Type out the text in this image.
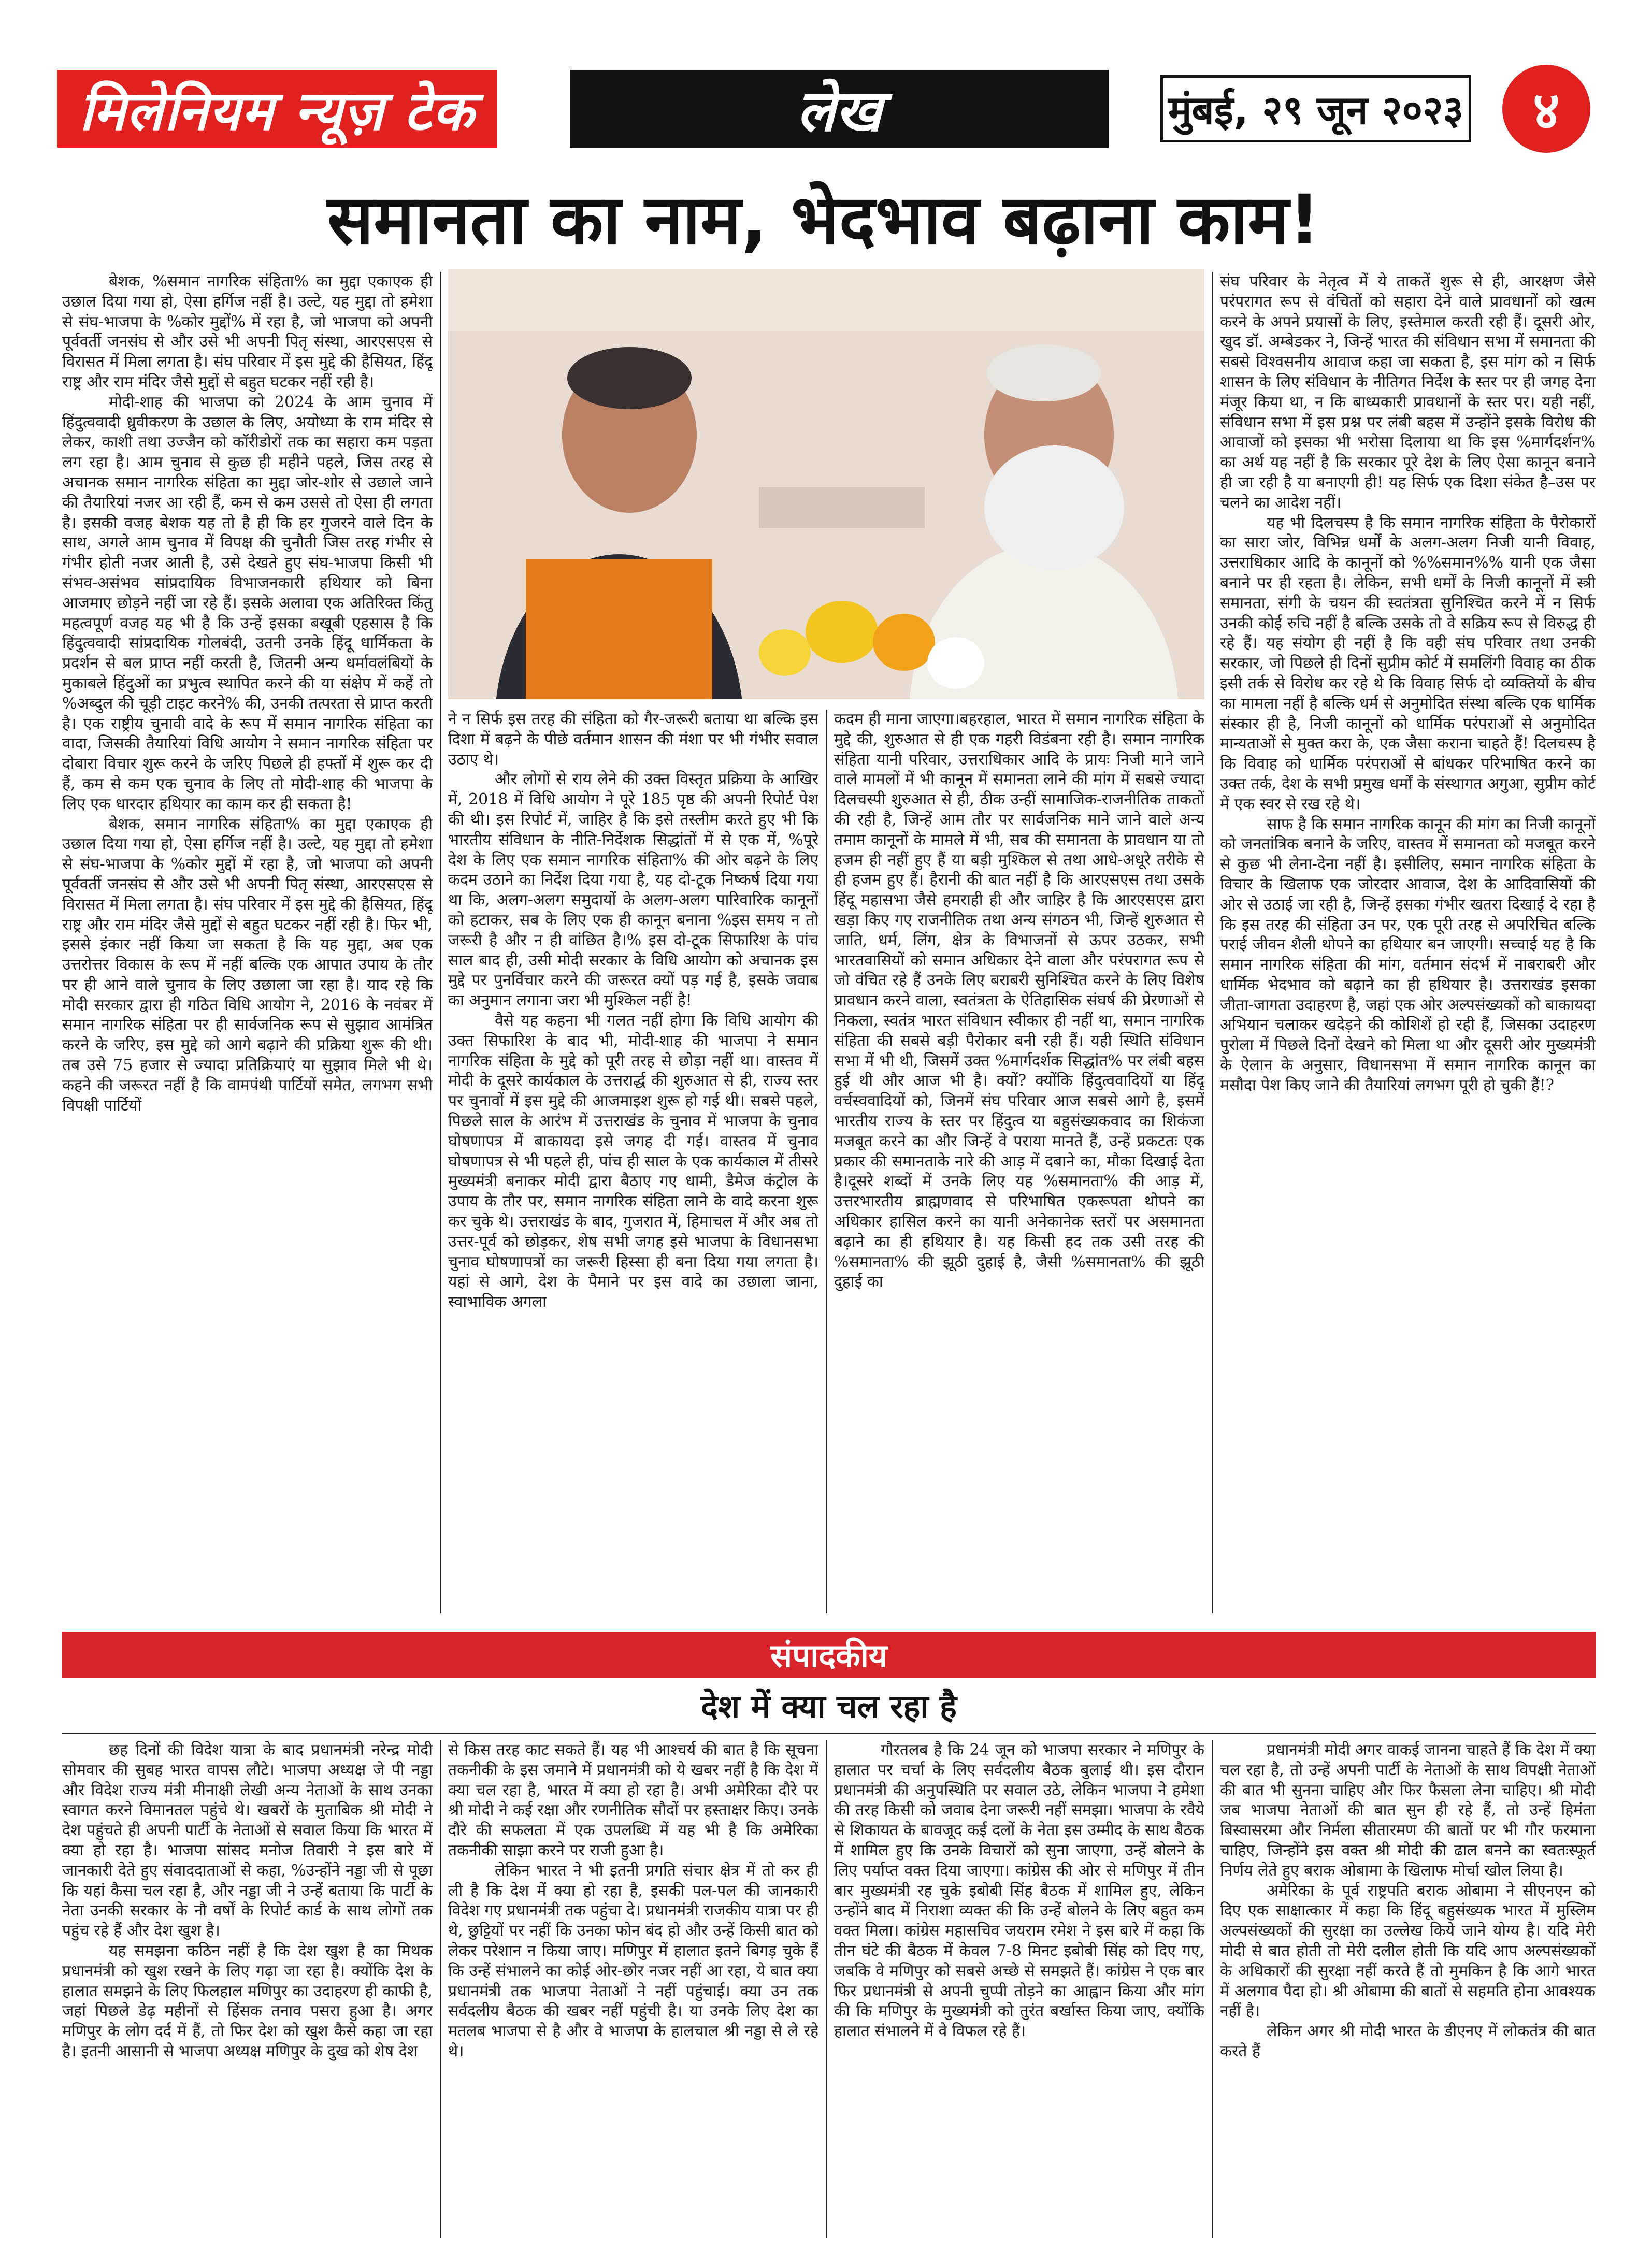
मिलेनियम न्यूज़ टेक	लेख	मुंबई, २९ जून २०२३ ४
समानता का नाम, भेदभाव बढ़ाना काम!

बेशक, %समान नागरिक संहिता% का मुद्दा एकाएक ही उछाल दिया गया हो, ऐसा हर्गिज नहीं है। उल्टे, यह मुद्दा तो हमेशा से संघ-भाजपा के %कोर मुद्दों% में रहा है, जो भाजपा को अपनी पूर्ववर्ती जनसंघ से और उसे भी अपनी पितृ संस्था, आरएसएस से विरासत में मिला लगता है। संघ परिवार में इस मुद्दे की हैसियत, हिंदू राष्ट्र और राम मंदिर जैसे मुद्दों से बहुत घटकर नहीं रही है।

मोदी-शाह की भाजपा को 2024 के आम चुनाव में हिंदुत्ववादी ध्रुवीकरण के उछाल के लिए, अयोध्या के राम मंदिर से लेकर, काशी तथा उज्जैन को कॉरीडोरों तक का सहारा कम पड़ता लग रहा है। आम चुनाव से कुछ ही महीने पहले, जिस तरह से अचानक समान नागरिक संहिता का मुद्दा जोर-शोर से उछाले जाने की तैयारियां नजर आ रही हैं, कम से कम उससे तो ऐसा ही लगता है। इसकी वजह बेशक यह तो है ही कि हर गुजरने वाले दिन के साथ, अगले आम चुनाव में विपक्ष की चुनौती जिस तरह गंभीर से गंभीर होती नजर आती है, उसे देखते हुए संघ-भाजपा किसी भी संभव-असंभव सांप्रदायिक विभाजनकारी हथियार को बिना आजमाए छोड़ने नहीं जा रहे हैं। इसके अलावा एक अतिरिक्त किंतु महत्वपूर्ण वजह यह भी है कि उन्हें इसका बखूबी एहसास है कि हिंदुत्ववादी सांप्रदायिक गोलबंदी, उतनी उनके हिंदू धार्मिकता के प्रदर्शन से बल प्राप्त नहीं करती है, जितनी अन्य धर्मावलंबियों के मुकाबले हिंदुओं का प्रभुत्व स्थापित करने की या संक्षेप में कहें तो %अब्दुल की चूड़ी टाइट करने% की, उनकी तत्परता से प्राप्त करती है। एक राष्ट्रीय चुनावी वादे के रूप में समान नागरिक संहिता का वादा, जिसकी तैयारियां विधि आयोग ने समान नागरिक संहिता पर दोबारा विचार शुरू करने के जरिए पिछले ही हफ्तों में शुरू कर दी हैं, कम से कम एक चुनाव के लिए तो मोदी-शाह की भाजपा के लिए एक धारदार हथियार का काम कर ही सकता है!

बेशक, समान नागरिक संहिता% का मुद्दा एकाएक ही उछाल दिया गया हो, ऐसा हर्गिज नहीं है। उल्टे, यह मुद्दा तो हमेशा से संघ-भाजपा के %कोर मुद्दों में रहा है, जो भाजपा को अपनी पूर्ववर्ती जनसंघ से और उसे भी अपनी पितृ संस्था, आरएसएस से विरासत में मिला लगता है। संघ परिवार में इस मुद्दे की हैसियत, हिंदू राष्ट्र और राम मंदिर जैसे मुद्दों से बहुत घटकर नहीं रही है। फिर भी, इससे इंकार नहीं किया जा सकता है कि यह मुद्दा, अब एक उत्तरोत्तर विकास के रूप में नहीं बल्कि एक आपात उपाय के तौर पर ही आने वाले चुनाव के लिए उछाला जा रहा है। याद रहे कि मोदी सरकार द्वारा ही गठित विधि आयोग ने, 2016 के नवंबर में समान नागरिक संहिता पर ही सार्वजनिक रूप से सुझाव आमंत्रित करने के जरिए, इस मुद्दे को आगे बढ़ाने की प्रक्रिया शुरू की थी। तब उसे 75 हजार से ज्यादा प्रतिक्रियाएं या सुझाव मिले भी थे। कहने की जरूरत नहीं है कि वामपंथी पार्टियों समेत, लगभग सभी विपक्षी पार्टियों

ने न सिर्फ इस तरह की संहिता को गैर-जरूरी बताया था बल्कि इस दिशा में बढ़ने के पीछे वर्तमान शासन की मंशा पर भी गंभीर सवाल उठाए थे।

और लोगों से राय लेने की उक्त विस्तृत प्रक्रिया के आखिर में, 2018 में विधि आयोग ने पूरे 185 पृष्ठ की अपनी रिपोर्ट पेश की थी। इस रिपोर्ट में, जाहिर है कि इसे तस्लीम करते हुए भी कि भारतीय संविधान के नीति-निर्देशक सिद्धांतों में से एक में, %पूरे देश के लिए एक समान नागरिक संहिता% की ओर बढ़ने के लिए कदम उठाने का निर्देश दिया गया है, यह दो-टूक निष्कर्ष दिया गया था कि, अलग-अलग समुदायों के अलग-अलग पारिवारिक कानूनों को हटाकर, सब के लिए एक ही कानून बनाना %इस समय न तो जरूरी है और न ही वांछित है।% इस दो-टूक सिफारिश के पांच साल बाद ही, उसी मोदी सरकार के विधि आयोग को अचानक इस मुद्दे पर पुनर्विचार करने की जरूरत क्यों पड़ गई है, इसके जवाब का अनुमान लगाना जरा भी मुश्किल नहीं है!

वैसे यह कहना भी गलत नहीं होगा कि विधि आयोग की उक्त सिफारिश के बाद भी, मोदी-शाह की भाजपा ने समान नागरिक संहिता के मुद्दे को पूरी तरह से छोड़ा नहीं था। वास्तव में मोदी के दूसरे कार्यकाल के उत्तरार्द्ध की शुरुआत से ही, राज्य स्तर पर चुनावों में इस मुद्दे की आजमाइश शुरू हो गई थी। सबसे पहले, पिछले साल के आरंभ में उत्तराखंड के चुनाव में भाजपा के चुनाव घोषणापत्र में बाकायदा इसे जगह दी गई। वास्तव में चुनाव घोषणापत्र से भी पहले ही, पांच ही साल के एक कार्यकाल में तीसरे मुख्यमंत्री बनाकर मोदी द्वारा बैठाए गए धामी, डैमेज कंट्रोल के उपाय के तौर पर, समान नागरिक संहिता लाने के वादे करना शुरू कर चुके थे। उत्तराखंड के बाद, गुजरात में, हिमाचल में और अब तो उत्तर-पूर्व को छोड़कर, शेष सभी जगह इसे भाजपा के विधानसभा चुनाव घोषणापत्रों का जरूरी हिस्सा ही बना दिया गया लगता है। यहां से आगे, देश के पैमाने पर इस वादे का उछाला जाना, स्वाभाविक अगला

कदम ही माना जाएगा।बहरहाल, भारत में समान नागरिक संहिता के मुद्दे की, शुरुआत से ही एक गहरी विडंबना रही है। समान नागरिक संहिता यानी परिवार, उत्तराधिकार आदि के प्रायः निजी माने जाने वाले मामलों में भी कानून में समानता लाने की मांग में सबसे ज्यादा दिलचस्पी शुरुआत से ही, ठीक उन्हीं सामाजिक-राजनीतिक ताकतों की रही है, जिन्हें आम तौर पर सार्वजनिक माने जाने वाले अन्य तमाम कानूनों के मामले में भी, सब की समानता के प्रावधान या तो हजम ही नहीं हुए हैं या बड़ी मुश्किल से तथा आधे-अधूरे तरीके से ही हजम हुए हैं। हैरानी की बात नहीं है कि आरएसएस तथा उसके हिंदू महासभा जैसे हमराही ही और जाहिर है कि आरएसएस द्वारा खड़ा किए गए राजनीतिक तथा अन्य संगठन भी, जिन्हें शुरुआत से जाति, धर्म, लिंग, क्षेत्र के विभाजनों से ऊपर उठकर, सभी भारतवासियों को समान अधिकार देने वाला और परंपरागत रूप से जो वंचित रहे हैं उनके लिए बराबरी सुनिश्चित करने के लिए विशेष प्रावधान करने वाला, स्वतंत्रता के ऐतिहासिक संघर्ष की प्रेरणाओं से निकला, स्वतंत्र भारत संविधान स्वीकार ही नहीं था, समान नागरिक संहिता की सबसे बड़ी पैरोकार बनी रही हैं। यही स्थिति संविधान सभा में भी थी, जिसमें उक्त %मार्गदर्शक सिद्धांत% पर लंबी बहस हुई थी और आज भी है। क्यों? क्योंकि हिंदुत्ववादियों या हिंदू वर्चस्ववादियों को, जिनमें संघ परिवार आज सबसे आगे है, इसमें भारतीय राज्य के स्तर पर हिंदुत्व या बहुसंख्यकवाद का शिकंजा मजबूत करने का और जिन्हें वे पराया मानते हैं, उन्हें प्रकटतः एक प्रकार की समानताके नारे की आड़ में दबाने का, मौका दिखाई देता है।दूसरे शब्दों में उनके लिए यह %समानता% की आड़ में, उत्तरभारतीय ब्राह्मणवाद से परिभाषित एकरूपता थोपने का अधिकार हासिल करने का यानी अनेकानेक स्तरों पर असमानता बढ़ाने का ही हथियार है। यह किसी हद तक उसी तरह की %समानता% की झूठी दुहाई है, जैसी %समानता% की झूठी दुहाई का

संघ परिवार के नेतृत्व में ये ताकतें शुरू से ही, आरक्षण जैसे परंपरागत रूप से वंचितों को सहारा देने वाले प्रावधानों को खत्म करने के अपने प्रयासों के लिए, इस्तेमाल करती रही हैं। दूसरी ओर, खुद डॉ. अम्बेडकर ने, जिन्हें भारत की संविधान सभा में समानता की सबसे विश्वसनीय आवाज कहा जा सकता है, इस मांग को न सिर्फ शासन के लिए संविधान के नीतिगत निर्देश के स्तर पर ही जगह देना मंजूर किया था, न कि बाध्यकारी प्रावधानों के स्तर पर। यही नहीं, संविधान सभा में इस प्रश्न पर लंबी बहस में उन्होंने इसके विरोध की आवाजों को इसका भी भरोसा दिलाया था कि इस %मार्गदर्शन% का अर्थ यह नहीं है कि सरकार पूरे देश के लिए ऐसा कानून बनाने ही जा रही है या बनाएगी ही! यह सिर्फ एक दिशा संकेत है–उस पर चलने का आदेश नहीं।

यह भी दिलचस्प है कि समान नागरिक संहिता के पैरोकारों का सारा जोर, विभिन्न धर्मों के अलग-अलग निजी यानी विवाह, उत्तराधिकार आदि के कानूनों को %%समान%% यानी एक जैसा बनाने पर ही रहता है। लेकिन, सभी धर्मों के निजी कानूनों में स्त्री समानता, संगी के चयन की स्वतंत्रता सुनिश्चित करने में न सिर्फ उनकी कोई रुचि नहीं है बल्कि उसके तो वे सक्रिय रूप से विरुद्ध ही रहे हैं। यह संयोग ही नहीं है कि वही संघ परिवार तथा उनकी सरकार, जो पिछले ही दिनों सुप्रीम कोर्ट में समलिंगी विवाह का ठीक इसी तर्क से विरोध कर रहे थे कि विवाह सिर्फ दो व्यक्तियों के बीच का मामला नहीं है बल्कि धर्म से अनुमोदित संस्था बल्कि एक धार्मिक संस्कार ही है, निजी कानूनों को धार्मिक परंपराओं से अनुमोदित मान्यताओं से मुक्त करा के, एक जैसा कराना चाहते हैं! दिलचस्प है कि विवाह को धार्मिक परंपराओं से बांधकर परिभाषित करने का उक्त तर्क, देश के सभी प्रमुख धर्मों के संस्थागत अगुआ, सुप्रीम कोर्ट में एक स्वर से रख रहे थे।

साफ है कि समान नागरिक कानून की मांग का निजी कानूनों को जनतांत्रिक बनाने के जरिए, वास्तव में समानता को मजबूत करने से कुछ भी लेना-देना नहीं है। इसीलिए, समान नागरिक संहिता के विचार के खिलाफ एक जोरदार आवाज, देश के आदिवासियों की ओर से उठाई जा रही है, जिन्हें इसका गंभीर खतरा दिखाई दे रहा है कि इस तरह की संहिता उन पर, एक पूरी तरह से अपरिचित बल्कि पराई जीवन शैली थोपने का हथियार बन जाएगी। सच्चाई यह है कि समान नागरिक संहिता की मांग, वर्तमान संदर्भ में नाबराबरी और धार्मिक भेदभाव को बढ़ाने का ही हथियार है। उत्तराखंड इसका जीता-जागता उदाहरण है, जहां एक ओर अल्पसंख्यकों को बाकायदा अभियान चलाकर खदेड़ने की कोशिशें हो रही हैं, जिसका उदाहरण पुरोला में पिछले दिनों देखने को मिला था और दूसरी ओर मुख्यमंत्री के ऐलान के अनुसार, विधानसभा में समान नागरिक कानून का मसौदा पेश किए जाने की तैयारियां लगभग पूरी हो चुकी हैं!?

संपादकीय
देश में क्या चल रहा है

छह दिनों की विदेश यात्रा के बाद प्रधानमंत्री नरेन्द्र मोदी सोमवार की सुबह भारत वापस लौटे। भाजपा अध्यक्ष जे पी नड्डा और विदेश राज्य मंत्री मीनाक्षी लेखी अन्य नेताओं के साथ उनका स्वागत करने विमानतल पहुंचे थे। खबरों के मुताबिक श्री मोदी ने देश पहुंचते ही अपनी पार्टी के नेताओं से सवाल किया कि भारत में क्या हो रहा है। भाजपा सांसद मनोज तिवारी ने इस बारे में जानकारी देते हुए संवाददाताओं से कहा, %उन्होंने नड्डा जी से पूछा कि यहां कैसा चल रहा है, और नड्डा जी ने उन्हें बताया कि पार्टी के नेता उनकी सरकार के नौ वर्षों के रिपोर्ट कार्ड के साथ लोगों तक पहुंच रहे हैं और देश खुश है।

यह समझना कठिन नहीं है कि देश खुश है का मिथक प्रधानमंत्री को खुश रखने के लिए गढ़ा जा रहा है। क्योंकि देश के हालात समझने के लिए फिलहाल मणिपुर का उदाहरण ही काफी है, जहां पिछले डेढ़ महीनों से हिंसक तनाव पसरा हुआ है। अगर मणिपुर के लोग दर्द में हैं, तो फिर देश को खुश कैसे कहा जा रहा है। इतनी आसानी से भाजपा अध्यक्ष मणिपुर के दुख को शेष देश

से किस तरह काट सकते हैं। यह भी आश्चर्य की बात है कि सूचना तकनीकी के इस जमाने में प्रधानमंत्री को ये खबर नहीं है कि देश में क्या चल रहा है, भारत में क्या हो रहा है। अभी अमेरिका दौरे पर श्री मोदी ने कई रक्षा और रणनीतिक सौदों पर हस्ताक्षर किए। उनके दौरे की सफलता में एक उपलब्धि में यह भी है कि अमेरिका तकनीकी साझा करने पर राजी हुआ है।

लेकिन भारत ने भी इतनी प्रगति संचार क्षेत्र में तो कर ही ली है कि देश में क्या हो रहा है, इसकी पल-पल की जानकारी विदेश गए प्रधानमंत्री तक पहुंचा दे। प्रधानमंत्री राजकीय यात्रा पर ही थे, छुट्टियों पर नहीं कि उनका फोन बंद हो और उन्हें किसी बात को लेकर परेशान न किया जाए। मणिपुर में हालात इतने बिगड़ चुके हैं कि उन्हें संभालने का कोई ओर-छोर नजर नहीं आ रहा, ये बात क्या प्रधानमंत्री तक भाजपा नेताओं ने नहीं पहुंचाई। क्या उन तक सर्वदलीय बैठक की खबर नहीं पहुंची है। या उनके लिए देश का मतलब भाजपा से है और वे भाजपा के हालचाल श्री नड्डा से ले रहे थे।

गौरतलब है कि 24 जून को भाजपा सरकार ने मणिपुर के हालात पर चर्चा के लिए सर्वदलीय बैठक बुलाई थी। इस दौरान प्रधानमंत्री की अनुपस्थिति पर सवाल उठे, लेकिन भाजपा ने हमेशा की तरह किसी को जवाब देना जरूरी नहीं समझा। भाजपा के रवैये से शिकायत के बावजूद कई दलों के नेता इस उम्मीद के साथ बैठक में शामिल हुए कि उनके विचारों को सुना जाएगा, उन्हें बोलने के लिए पर्याप्त वक्त दिया जाएगा। कांग्रेस की ओर से मणिपुर में तीन बार मुख्यमंत्री रह चुके इबोबी सिंह बैठक में शामिल हुए, लेकिन उन्होंने बाद में निराशा व्यक्त की कि उन्हें बोलने के लिए बहुत कम वक्त मिला। कांग्रेस महासचिव जयराम रमेश ने इस बारे में कहा कि तीन घंटे की बैठक में केवल 7-8 मिनट इबोबी सिंह को दिए गए, जबकि वे मणिपुर को सबसे अच्छे से समझते हैं। कांग्रेस ने एक बार फिर प्रधानमंत्री से अपनी चुप्पी तोड़ने का आह्वान किया और मांग की कि मणिपुर के मुख्यमंत्री को तुरंत बर्खास्त किया जाए, क्योंकि हालात संभालने में वे विफल रहे हैं।

प्रधानमंत्री मोदी अगर वाकई जानना चाहते हैं कि देश में क्या चल रहा है, तो उन्हें अपनी पार्टी के नेताओं के साथ विपक्षी नेताओं की बात भी सुनना चाहिए और फिर फैसला लेना चाहिए। श्री मोदी जब भाजपा नेताओं की बात सुन ही रहे हैं, तो उन्हें हिमंता बिस्वासरमा और निर्मला सीतारमण की बातों पर भी गौर फरमाना चाहिए, जिन्होंने इस वक्त श्री मोदी की ढाल बनने का स्वतःस्फूर्त निर्णय लेते हुए बराक ओबामा के खिलाफ मोर्चा खोल लिया है।

अमेरिका के पूर्व राष्ट्रपति बराक ओबामा ने सीएनएन को दिए एक साक्षात्कार में कहा कि हिंदू बहुसंख्यक भारत में मुस्लिम अल्पसंख्यकों की सुरक्षा का उल्लेख किये जाने योग्य है। यदि मेरी मोदी से बात होती तो मेरी दलील होती कि यदि आप अल्पसंख्यकों के अधिकारों की सुरक्षा नहीं करते हैं तो मुमकिन है कि आगे भारत में अलगाव पैदा हो। श्री ओबामा की बातों से सहमति होना आवश्यक नहीं है।

लेकिन अगर श्री मोदी भारत के डीएनए में लोकतंत्र की बात करते हैं
